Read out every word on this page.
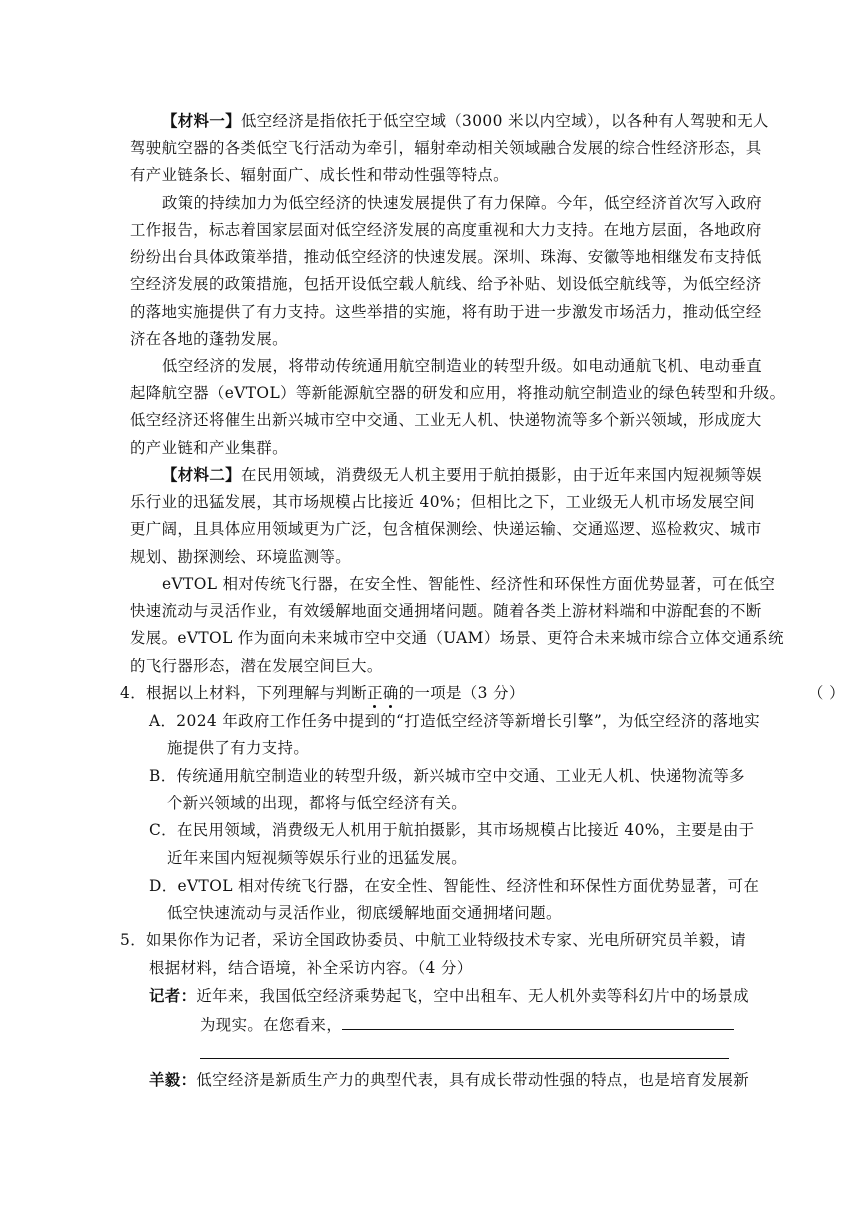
【材料一】低空经济是指依托于低空空域（3000 米以内空域），以各种有人驾驶和无人
驾驶航空器的各类低空飞行活动为牵引，辐射牵动相关领域融合发展的综合性经济形态，具
有产业链条长、辐射面广、成长性和带动性强等特点。
政策的持续加力为低空经济的快速发展提供了有力保障。今年，低空经济首次写入政府
工作报告，标志着国家层面对低空经济发展的高度重视和大力支持。在地方层面，各地政府
纷纷出台具体政策举措，推动低空经济的快速发展。深圳、珠海、安徽等地相继发布支持低
空经济发展的政策措施，包括开设低空载人航线、给予补贴、划设低空航线等，为低空经济
的落地实施提供了有力支持。这些举措的实施，将有助于进一步激发市场活力，推动低空经
济在各地的蓬勃发展。
低空经济的发展，将带动传统通用航空制造业的转型升级。如电动通航飞机、电动垂直
起降航空器（eVTOL）等新能源航空器的研发和应用，将推动航空制造业的绿色转型和升级。
低空经济还将催生出新兴城市空中交通、工业无人机、快递物流等多个新兴领域，形成庞大
的产业链和产业集群。
【材料二】在民用领域，消费级无人机主要用于航拍摄影，由于近年来国内短视频等娱
乐行业的迅猛发展，其市场规模占比接近 40%；但相比之下，工业级无人机市场发展空间
更广阔，且具体应用领域更为广泛，包含植保测绘、快递运输、交通巡逻、巡检救灾、城市
规划、勘探测绘、环境监测等。
eVTOL 相对传统飞行器，在安全性、智能性、经济性和环保性方面优势显著，可在低空
快速流动与灵活作业，有效缓解地面交通拥堵问题。随着各类上游材料端和中游配套的不断
发展。eVTOL 作为面向未来城市空中交通（UAM）场景、更符合未来城市综合立体交通系统
的飞行器形态，潜在发展空间巨大。
4．根据以上材料，下列理解与判断正确的一项是（3 分）	（ ）
A．2024 年政府工作任务中提到的“打造低空经济等新增长引擎”，为低空经济的落地实
施提供了有力支持。
B．传统通用航空制造业的转型升级，新兴城市空中交通、工业无人机、快递物流等多
个新兴领域的出现，都将与低空经济有关。
C．在民用领域，消费级无人机用于航拍摄影，其市场规模占比接近 40%，主要是由于
近年来国内短视频等娱乐行业的迅猛发展。
D．eVTOL 相对传统飞行器，在安全性、智能性、经济性和环保性方面优势显著，可在
低空快速流动与灵活作业，彻底缓解地面交通拥堵问题。
5．如果你作为记者，采访全国政协委员、中航工业特级技术专家、光电所研究员羊毅，请
根据材料，结合语境，补全采访内容。（4 分）
记者：近年来，我国低空经济乘势起飞，空中出租车、无人机外卖等科幻片中的场景成
为现实。在您看来，
羊毅：低空经济是新质生产力的典型代表，具有成长带动性强的特点，也是培育发展新
